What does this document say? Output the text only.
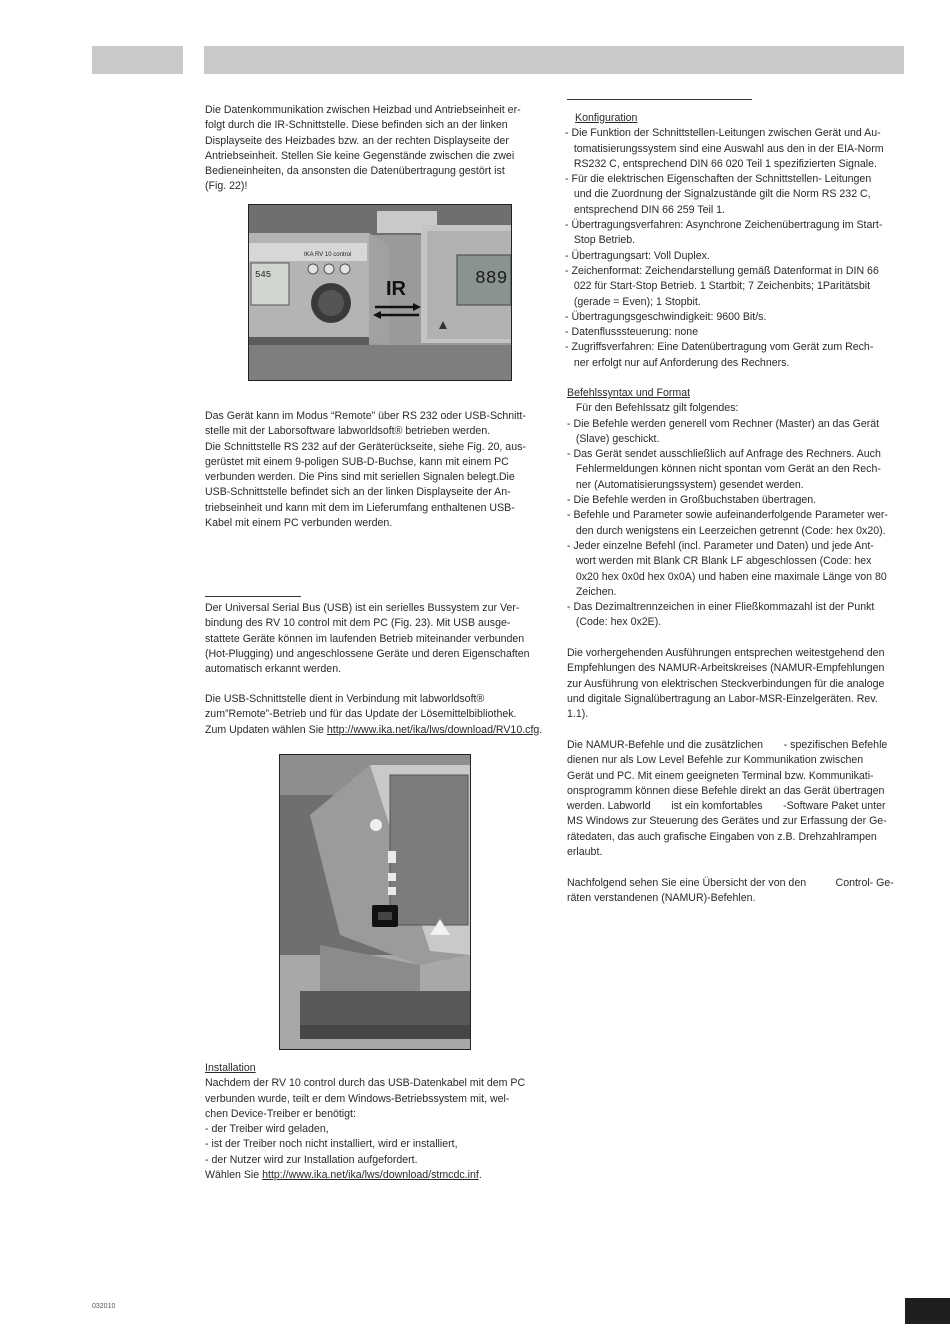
Die Datenkommunikation zwischen Heizbad und Antriebseinheit er-
folgt durch die IR-Schnittstelle. Diese befinden sich an der linken
Displayseite des Heizbades bzw. an der rechten Displayseite der
Antriebseinheit. Stellen Sie keine Gegenstände zwischen die zwei
Bedieneinheiten, da ansonsten die Datenübertragung gestört ist
(Fig. 22)!
IKA RV 10 control
545	889
IR
Das Gerät kann im Modus “Remote” über RS 232 oder USB-Schnitt-
stelle mit der Laborsoftware labworldsoft® betrieben werden.
Die Schnittstelle RS 232 auf der Geräterückseite, siehe Fig. 20, aus-
gerüstet mit einem 9-poligen SUB-D-Buchse, kann mit einem PC
verbunden werden. Die Pins sind mit seriellen Signalen belegt.Die
USB-Schnittstelle befindet sich an der linken Displayseite der An-
triebseinheit und kann mit dem im Lieferumfang enthaltenen USB-
Kabel mit einem PC verbunden werden.
Der Universal Serial Bus (USB) ist ein serielles Bussystem zur Ver-
bindung des RV 10 control mit dem PC (Fig. 23). Mit USB ausge-
stattete Geräte können im laufenden Betrieb miteinander verbunden
(Hot-Plugging) und angeschlossene Geräte und deren Eigenschaften
automatisch erkannt werden.
Die USB-Schnittstelle dient in Verbindung mit labworldsoft®
zum”Remote”-Betrieb und für das Update der Lösemittelbibliothek.
Zum Updaten wählen Sie http://www.ika.net/ika/lws/download/RV10.cfg.
Installation
Nachdem der RV 10 control durch das USB-Datenkabel mit dem PC
verbunden wurde, teilt er dem Windows-Betriebssystem mit, wel-
chen Device-Treiber er benötigt:
- der Treiber wird geladen,
- ist der Treiber noch nicht installiert, wird er installiert,
- der Nutzer wird zur Installation aufgefordert.
Wählen Sie http://www.ika.net/ika/lws/download/stmcdc.inf.
Konfiguration
- Die Funktion der Schnittstellen-Leitungen zwischen Gerät und Au-
tomatisierungssystem sind eine Auswahl aus den in der EIA-Norm
RS232 C, entsprechend DIN 66 020 Teil 1 spezifizierten Signale.
- Für die elektrischen Eigenschaften der Schnittstellen- Leitungen
und die Zuordnung der Signalzustände gilt die Norm RS 232 C,
entsprechend DIN 66 259 Teil 1.
- Übertragungsverfahren: Asynchrone Zeichenübertragung im Start-
Stop Betrieb.
- Übertragungsart: Voll Duplex.
- Zeichenformat: Zeichendarstellung gemäß Datenformat in DIN 66
022 für Start-Stop Betrieb. 1 Startbit; 7 Zeichenbits; 1Paritätsbit
(gerade = Even); 1 Stopbit.
- Übertragungsgeschwindigkeit: 9600 Bit/s.
- Datenflusssteuerung: none
- Zugriffsverfahren: Eine Datenübertragung vom Gerät zum Rech-
ner erfolgt nur auf Anforderung des Rechners.
Befehlssyntax und Format
Für den Befehlssatz gilt folgendes:
- Die Befehle werden generell vom Rechner (Master) an das Gerät
(Slave) geschickt.
- Das Gerät sendet ausschließlich auf Anfrage des Rechners. Auch
Fehlermeldungen können nicht spontan vom Gerät an den Rech-
ner (Automatisierungssystem) gesendet werden.
- Die Befehle werden in Großbuchstaben übertragen.
- Befehle und Parameter sowie aufeinanderfolgende Parameter wer-
den durch wenigstens ein Leerzeichen getrennt (Code: hex 0x20).
- Jeder einzelne Befehl (incl. Parameter und Daten) und jede Ant-
wort werden mit Blank CR Blank LF abgeschlossen (Code: hex
0x20 hex 0x0d hex 0x0A) und haben eine maximale Länge von 80
Zeichen.
- Das Dezimaltrennzeichen in einer Fließkommazahl ist der Punkt
(Code: hex 0x2E).
Die vorhergehenden Ausführungen entsprechen weitestgehend den
Empfehlungen des NAMUR-Arbeitskreises (NAMUR-Empfehlungen
zur Ausführung von elektrischen Steckverbindungen für die analoge
und digitale Signalübertragung an Labor-MSR-Einzelgeräten. Rev.
1.1).
Die NAMUR-Befehle und die zusätzlichen       - spezifischen Befehle
dienen nur als Low Level Befehle zur Kommunikation zwischen
Gerät und PC. Mit einem geeigneten Terminal bzw. Kommunikati-
onsprogramm können diese Befehle direkt an das Gerät übertragen
werden. Labworld       ist ein komfortables       -Software Paket unter
MS Windows zur Steuerung des Gerätes und zur Erfassung der Ge-
rätedaten, das auch grafische Eingaben von z.B. Drehzahlrampen
erlaubt.
Nachfolgend sehen Sie eine Übersicht der von den          Control- Ge-
räten verstandenen (NAMUR)-Befehlen.
032010
